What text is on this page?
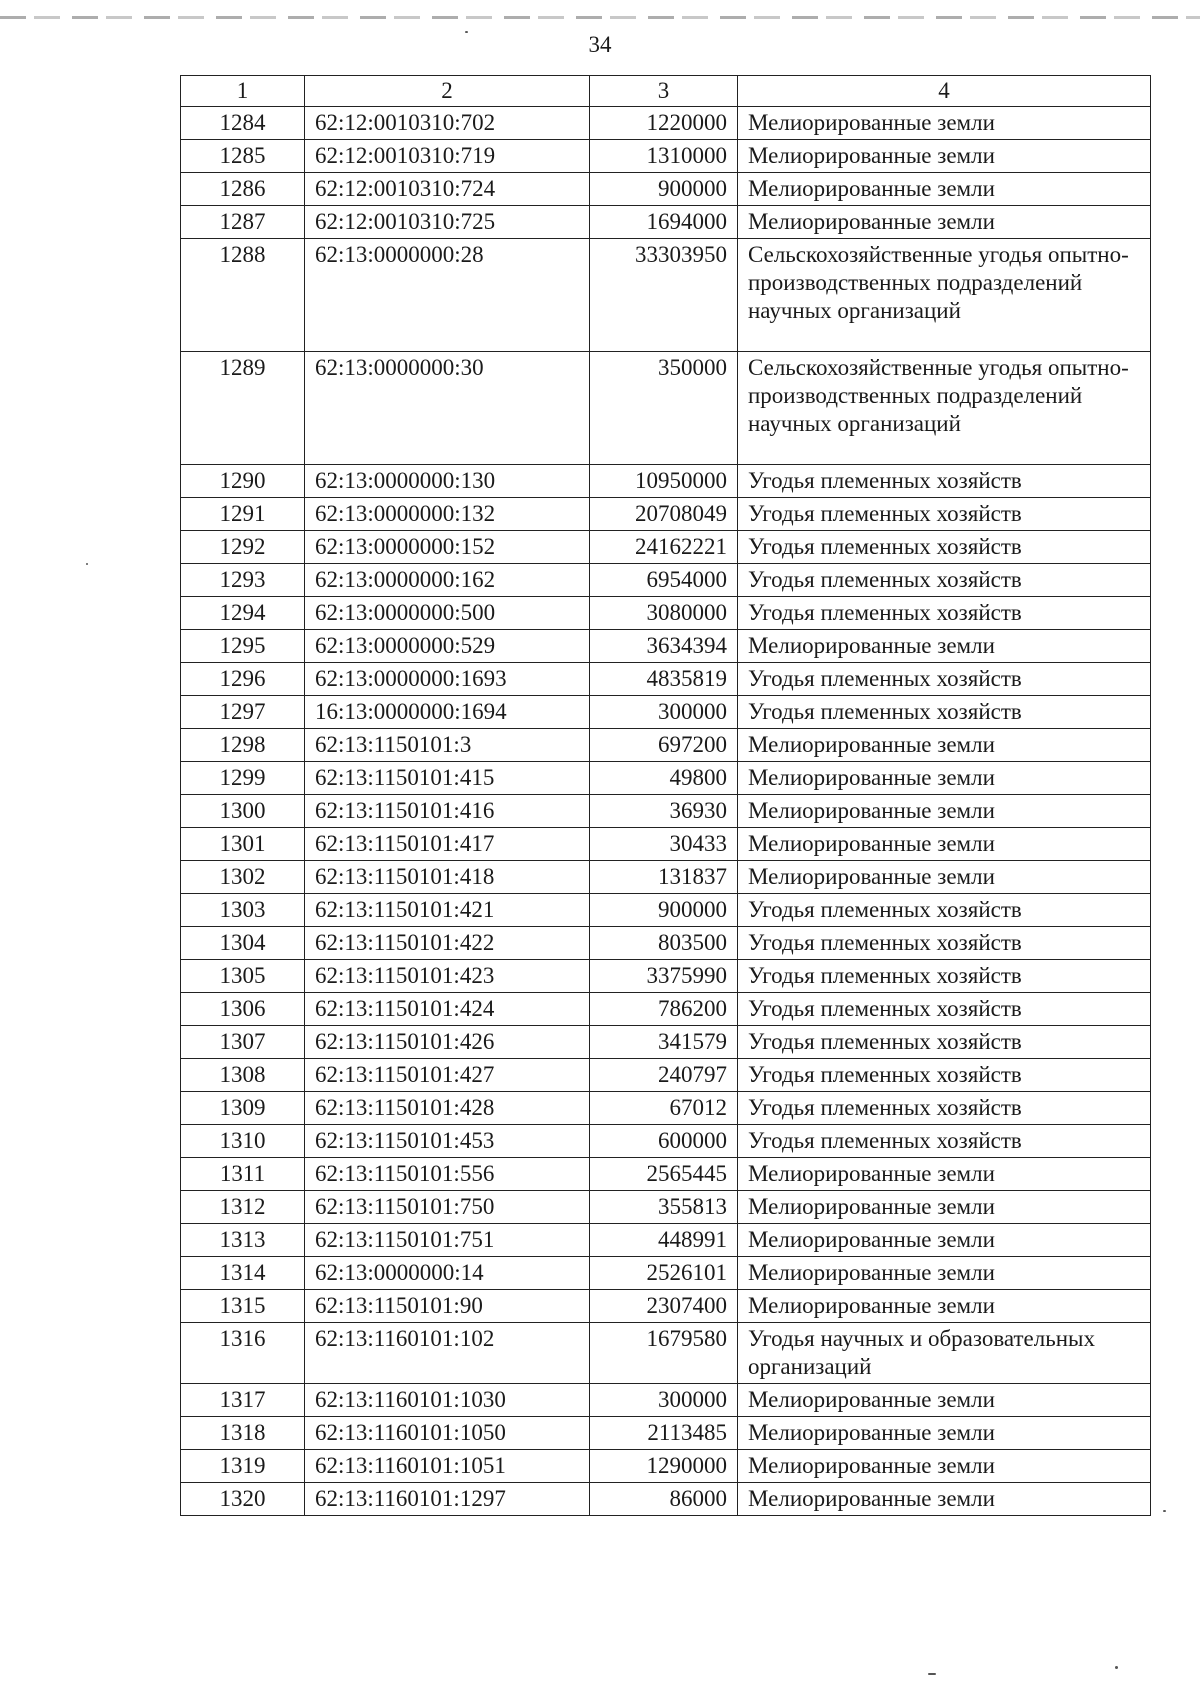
34
1	2	3	4
1284	62:12:0010310:702	1220000	Мелиорированные земли
1285	62:12:0010310:719	1310000	Мелиорированные земли
1286	62:12:0010310:724	900000	Мелиорированные земли
1287	62:12:0010310:725	1694000	Мелиорированные земли
1288	62:13:0000000:28	33303950	Сельскохозяйственные угодья опытно-производственных подразделений научных организаций
1289	62:13:0000000:30	350000	Сельскохозяйственные угодья опытно-производственных подразделений научных организаций
1290	62:13:0000000:130	10950000	Угодья племенных хозяйств
1291	62:13:0000000:132	20708049	Угодья племенных хозяйств
1292	62:13:0000000:152	24162221	Угодья племенных хозяйств
1293	62:13:0000000:162	6954000	Угодья племенных хозяйств
1294	62:13:0000000:500	3080000	Угодья племенных хозяйств
1295	62:13:0000000:529	3634394	Мелиорированные земли
1296	62:13:0000000:1693	4835819	Угодья племенных хозяйств
1297	16:13:0000000:1694	300000	Угодья племенных хозяйств
1298	62:13:1150101:3	697200	Мелиорированные земли
1299	62:13:1150101:415	49800	Мелиорированные земли
1300	62:13:1150101:416	36930	Мелиорированные земли
1301	62:13:1150101:417	30433	Мелиорированные земли
1302	62:13:1150101:418	131837	Мелиорированные земли
1303	62:13:1150101:421	900000	Угодья племенных хозяйств
1304	62:13:1150101:422	803500	Угодья племенных хозяйств
1305	62:13:1150101:423	3375990	Угодья племенных хозяйств
1306	62:13:1150101:424	786200	Угодья племенных хозяйств
1307	62:13:1150101:426	341579	Угодья племенных хозяйств
1308	62:13:1150101:427	240797	Угодья племенных хозяйств
1309	62:13:1150101:428	67012	Угодья племенных хозяйств
1310	62:13:1150101:453	600000	Угодья племенных хозяйств
1311	62:13:1150101:556	2565445	Мелиорированные земли
1312	62:13:1150101:750	355813	Мелиорированные земли
1313	62:13:1150101:751	448991	Мелиорированные земли
1314	62:13:0000000:14	2526101	Мелиорированные земли
1315	62:13:1150101:90	2307400	Мелиорированные земли
1316	62:13:1160101:102	1679580	Угодья научных и образовательных организаций
1317	62:13:1160101:1030	300000	Мелиорированные земли
1318	62:13:1160101:1050	2113485	Мелиорированные земли
1319	62:13:1160101:1051	1290000	Мелиорированные земли
1320	62:13:1160101:1297	86000	Мелиорированные земли
